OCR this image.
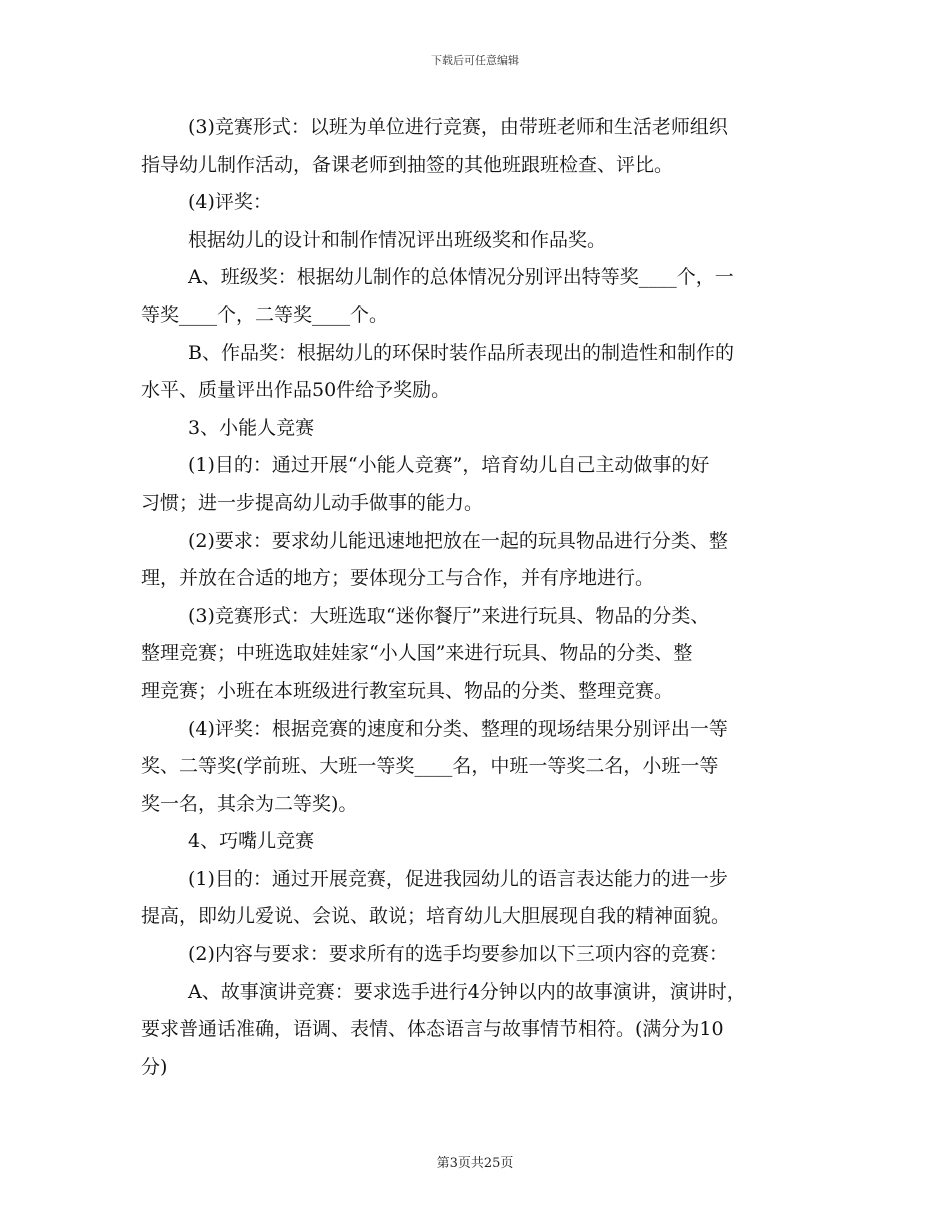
下载后可任意编辑
(3)竞赛形式：以班为单位进行竞赛，由带班老师和生活老师组织
指导幼儿制作活动，备课老师到抽签的其他班跟班检查、评比。
(4)评奖：
根据幼儿的设计和制作情况评出班级奖和作品奖。
A、班级奖：根据幼儿制作的总体情况分别评出特等奖____个，一
等奖____个，二等奖____个。
B、作品奖：根据幼儿的环保时装作品所表现出的制造性和制作的
水平、质量评出作品50件给予奖励。
3、小能人竞赛
(1)目的：通过开展“小能人竞赛”，培育幼儿自己主动做事的好
习惯；进一步提高幼儿动手做事的能力。
(2)要求：要求幼儿能迅速地把放在一起的玩具物品进行分类、整
理，并放在合适的地方；要体现分工与合作，并有序地进行。
(3)竞赛形式：大班选取“迷你餐厅”来进行玩具、物品的分类、
整理竞赛；中班选取娃娃家“小人国”来进行玩具、物品的分类、整
理竞赛；小班在本班级进行教室玩具、物品的分类、整理竞赛。
(4)评奖：根据竞赛的速度和分类、整理的现场结果分别评出一等
奖、二等奖(学前班、大班一等奖____名，中班一等奖二名，小班一等
奖一名，其余为二等奖)。
4、巧嘴儿竞赛
(1)目的：通过开展竞赛，促进我园幼儿的语言表达能力的进一步
提高，即幼儿爱说、会说、敢说；培育幼儿大胆展现自我的精神面貌。
(2)内容与要求：要求所有的选手均要参加以下三项内容的竞赛：
A、故事演讲竞赛：要求选手进行4分钟以内的故事演讲，演讲时，
要求普通话准确，语调、表情、体态语言与故事情节相符。(满分为10
分)
第3页共25页
